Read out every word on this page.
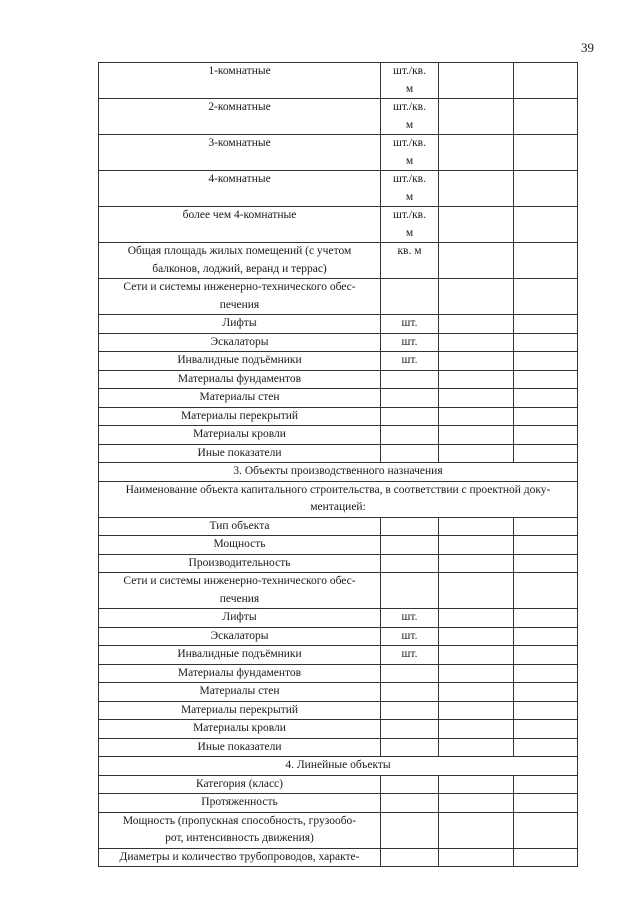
39
1-комнатные	шт./кв.
м		
2-комнатные	шт./кв.
м		
3-комнатные	шт./кв.
м		
4-комнатные	шт./кв.
м		
более чем 4-комнатные	шт./кв.
м		
Общая площадь жилых помещений (с учетом
балконов, лоджий, веранд и террас)	кв. м		
Сети и системы инженерно-технического обес-
печения			
Лифты	шт.		
Эскалаторы	шт.		
Инвалидные подъёмники	шт.		
Материалы фундаментов			
Материалы стен			
Материалы перекрытий			
Материалы кровли			
Иные показатели			
3. Объекты производственного назначения			
Наименование объекта капитального строительства, в соответствии с проектной доку-
ментацией:			
Тип объекта			
Мощность			
Производительность			
Сети и системы инженерно-технического обес-
печения			
Лифты	шт.		
Эскалаторы	шт.		
Инвалидные подъёмники	шт.		
Материалы фундаментов			
Материалы стен			
Материалы перекрытий			
Материалы кровли			
Иные показатели			
4. Линейные объекты			
Категория (класс)			
Протяженность			
Мощность (пропускная способность, грузообо-
рот, интенсивность движения)			
Диаметры и количество трубопроводов, характе-			
